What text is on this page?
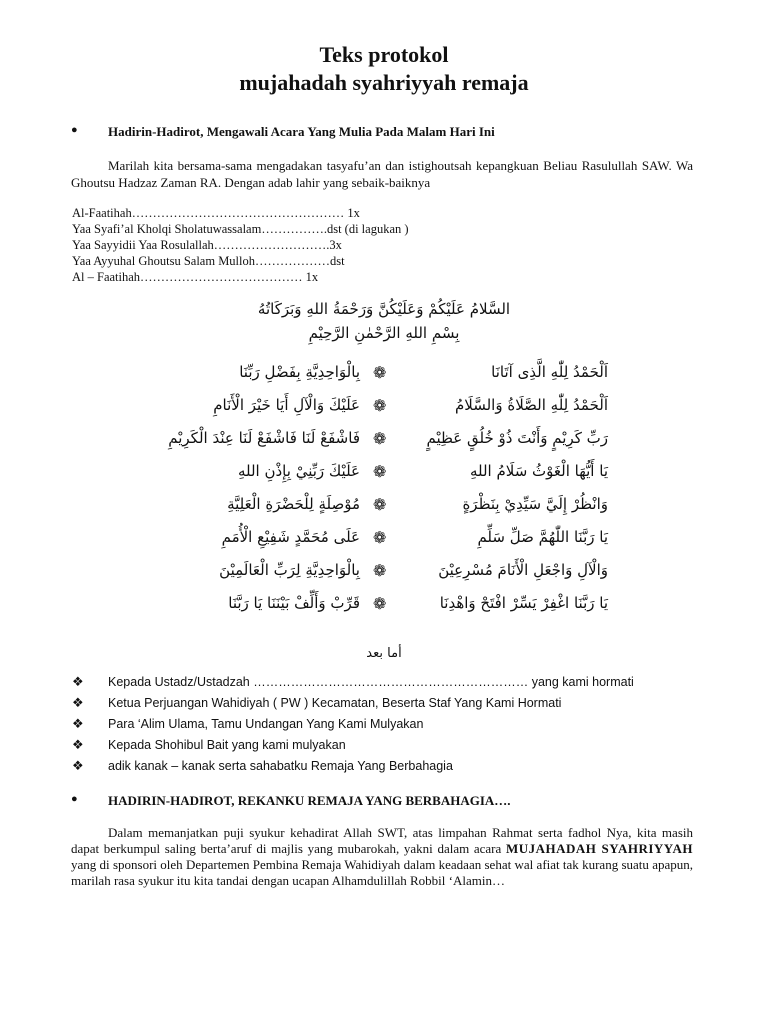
Teks protokol
mujahadah syahriyyah remaja
● Hadirin-Hadirot, Mengawali Acara Yang Mulia Pada Malam Hari Ini
Marilah kita bersama-sama mengadakan tasyafu’an dan istighoutsah kepangkuan Beliau Rasulullah SAW. Wa Ghoutsu Hadzaz Zaman RA. Dengan adab lahir yang sebaik-baiknya
Al-Faatihah…………………………………………… 1x
Yaa Syafi’al Kholqi Sholatuwassalam…………….dst (di lagukan )
Yaa Sayyidii Yaa Rosulallah……………………….3x
Yaa Ayyuhal Ghoutsu Salam Mulloh………………dst
Al – Faatihah………………………………… 1x
السَّلامُ عَلَيْكُمْ وَعَلَيْكُنَّ وَرَحْمَةُ اللهِ وَبَرَكَاتُهُ
بِسْمِ اللهِ الرَّحْمٰنِ الرَّحِيْمِ
اَلْحَمْدُ لِلّٰهِ الَّذِى آتَانَا
❁
بِالْوَاحِدِيَّةِ بِفَضْلِ رَبِّنَا
اَلْحَمْدُ لِلّٰهِ الصَّلَاةُ وَالسَّلَامُ
❁
عَلَيْكَ وَالْآلِ أَيَا خَيْرَ الْأَنَامِ
رَبِّ كَرِيْمٍ وَأَنْتَ ذُوْ خُلُقٍ عَظِيْمٍ
❁
فَاشْفَعْ لَنَا فَاشْفَعْ لَنَا عِنْدَ الْكَرِيْمِ
يَا أَيُّهَا الْغَوْثُ سَلَامُ اللهِ
❁
عَلَيْكَ رَبِّنِيْ بِإِذْنِ اللهِ
وَانْظُرْ إِلَيَّ سَيِّدِيْ بِنَظْرَةٍ
❁
مُوْصِلَةٍ لِلْحَضْرَةِ الْعَلِيَّةِ
يَا رَبَّنَا اللّٰهُمَّ صَلِّ سَلِّمِ
❁
عَلَى مُحَمَّدٍ شَفِيْعِ الْأُمَمِ
وَالْآلِ وَاجْعَلِ الْأَنَامَ مُسْرِعِيْنَ
❁
بِالْوَاحِدِيَّةِ لِرَبِّ الْعَالَمِيْنَ
يَا رَبَّنَا اغْفِرْ يَسِّرْ افْتَحْ وَاهْدِنَا
❁
قَرِّبْ وَأَلِّفْ بَيْنَنَا يَا رَبَّنَا
أما بعد
❖ Kepada Ustadz/Ustadzah ………………………………………………………… yang kami hormati
❖ Ketua Perjuangan Wahidiyah ( PW ) Kecamatan, Beserta Staf Yang Kami Hormati
❖ Para ‘Alim Ulama, Tamu Undangan Yang Kami Mulyakan
❖ Kepada Shohibul Bait yang kami mulyakan
❖ adik kanak – kanak serta sahabatku Remaja Yang Berbahagia
● HADIRIN-HADIROT, REKANKU REMAJA YANG BERBAHAGIA….
Dalam memanjatkan puji syukur kehadirat Allah SWT, atas limpahan Rahmat serta fadhol Nya, kita masih dapat berkumpul saling berta’aruf di majlis yang mubarokah, yakni dalam acara MUJAHADAH SYAHRIYYAH yang di sponsori oleh Departemen Pembina Remaja Wahidiyah dalam keadaan sehat wal afiat tak kurang suatu apapun, marilah rasa syukur itu kita tandai dengan ucapan Alhamdulillah Robbil ‘Alamin…
